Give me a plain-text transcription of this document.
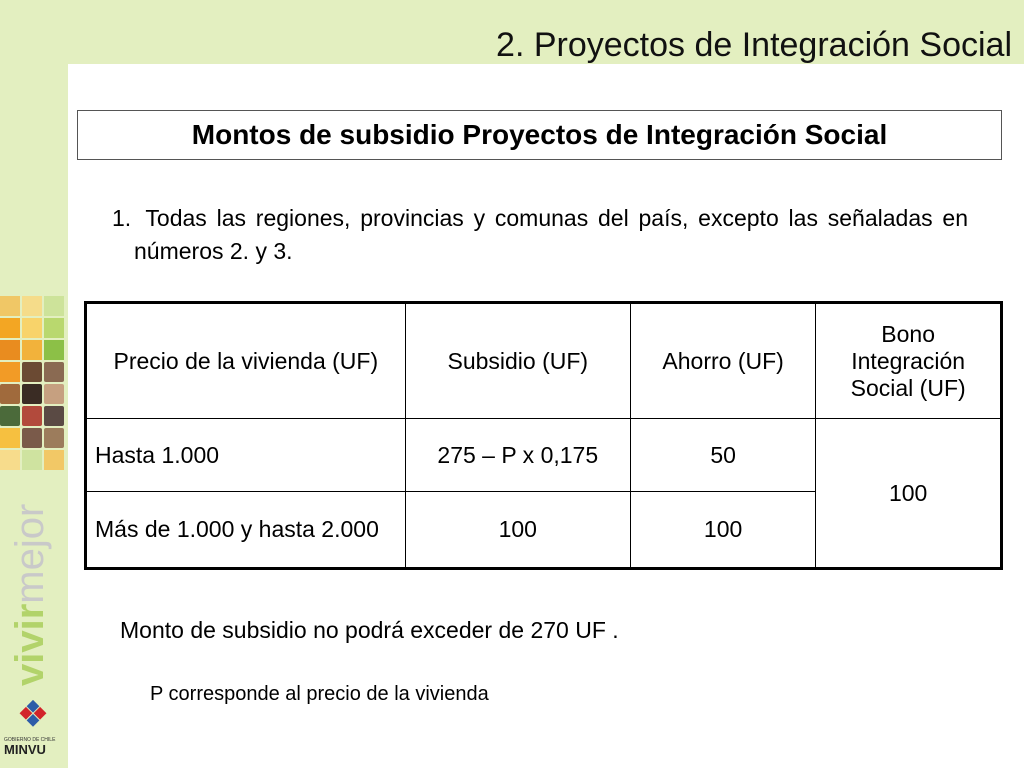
2. Proyectos de Integración Social
vivirmejor
GOBIERNO DE CHILE
MINVU
Montos de subsidio Proyectos de Integración Social
1. Todas las regiones, provincias y comunas del país, excepto las señaladas en números 2. y 3.
Precio de la vivienda (UF)	Subsidio (UF)	Ahorro (UF)	Bono Integración Social (UF)
Hasta 1.000	275 – P x 0,175	50	100
Más de 1.000 y hasta 2.000	100	100	
Monto de subsidio no podrá exceder de 270 UF .
P corresponde al precio de la vivienda
